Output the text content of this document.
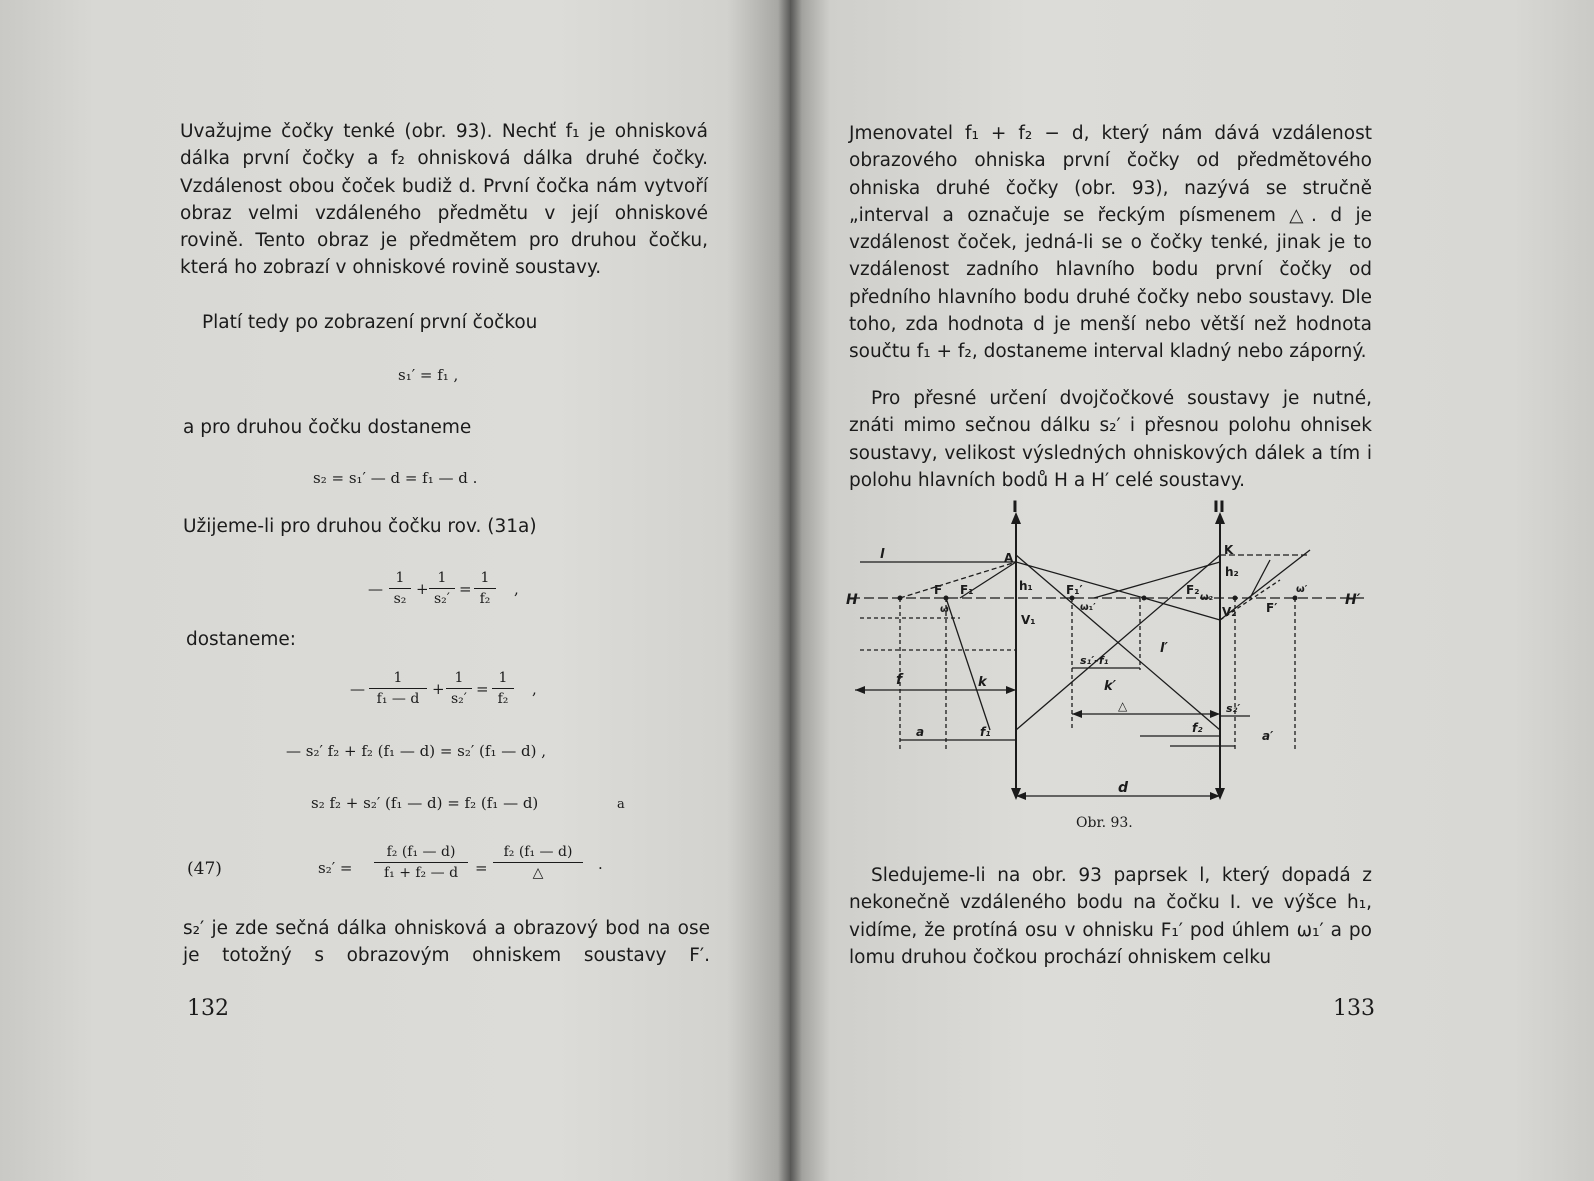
Uvažujme čočky tenké (obr. 93). Nechť f₁ je ohnisková dálka první čočky a f₂ ohnisková dálka druhé čočky. Vzdálenost obou čoček budiž d. První čočka nám vytvoří obraz velmi vzdáleného předmětu v její ohniskové rovině. Tento obraz je předmětem pro druhou čočku, která ho zobrazí v ohniskové rovině soustavy.
Platí tedy po zobrazení první čočkou
s₁′ = f₁ ,
a pro druhou čočku dostaneme
s₂ = s₁′ — d = f₁ — d .
Užijeme-li pro druhou čočku rov. (31a)
— $\frac{1}{\text{s₂}} + \frac{1}{\text{s₂′}} = \frac{1}{\text{f₂}}$ ,
dostaneme:
— $\frac{1}{\text{f₁ — d}} + \frac{1}{\text{s₂′}} = \frac{1}{\text{f₂}}$ ,
— s₂′ f₂ + f₂ (f₁ — d) = s₂′ (f₁ — d) ,
s₂ f₂ + s₂′ (f₁ — d) = f₂ (f₁ — d)	a
(47)	$s_2' = \frac{\text{f₂ (f₁ — d)}}{\text{f₁ + f₂ — d}}$ =
f₂ (f₁ — d)
△	.
s₂′ je zde sečná dálka ohnisková a obrazový bod na ose je totožný s obrazovým ohniskem soustavy F′.
132
Jmenovatel f₁ + f₂ − d, který nám dává vzdálenost obrazového ohniska první čočky od předmětového ohniska druhé čočky (obr. 93), nazývá se stručně „interval a označuje se řeckým písmenem △. d je vzdálenost čoček, jedná-li se o čočky tenké, jinak je to vzdálenost zadního hlavního bodu první čočky od předního hlavního bodu druhé čočky nebo soustavy. Dle toho, zda hodnota d je menší nebo větší než hodnota součtu f₁ + f₂, dostaneme interval kladný nebo záporný.
Pro přesné určení dvojčočkové soustavy je nutné, znáti mimo sečnou dálku s₂′ i přesnou polohu ohnisek soustavy, velikost výsledných ohniskových dálek a tím i polohu hlavních bodů H a H′ celé soustavy.
I	II
H	H′
A
K
l
l′
k	k′
h₁
h₂
V₁
V₂
F F₁	F₁′	F₂
F′
ω	ω₁′
ω₂
ω′
f
f₁	f₂
s₁′-f₁
s₂′
a	a′
△
d
Obr. 93.
Sledujeme-li na obr. 93 paprsek l, který dopadá z nekonečně vzdáleného bodu na čočku I. ve výšce h₁, vidíme, že protíná osu v ohnisku F₁′ pod úhlem ω₁′ a po lomu druhou čočkou prochází ohniskem celku
133
